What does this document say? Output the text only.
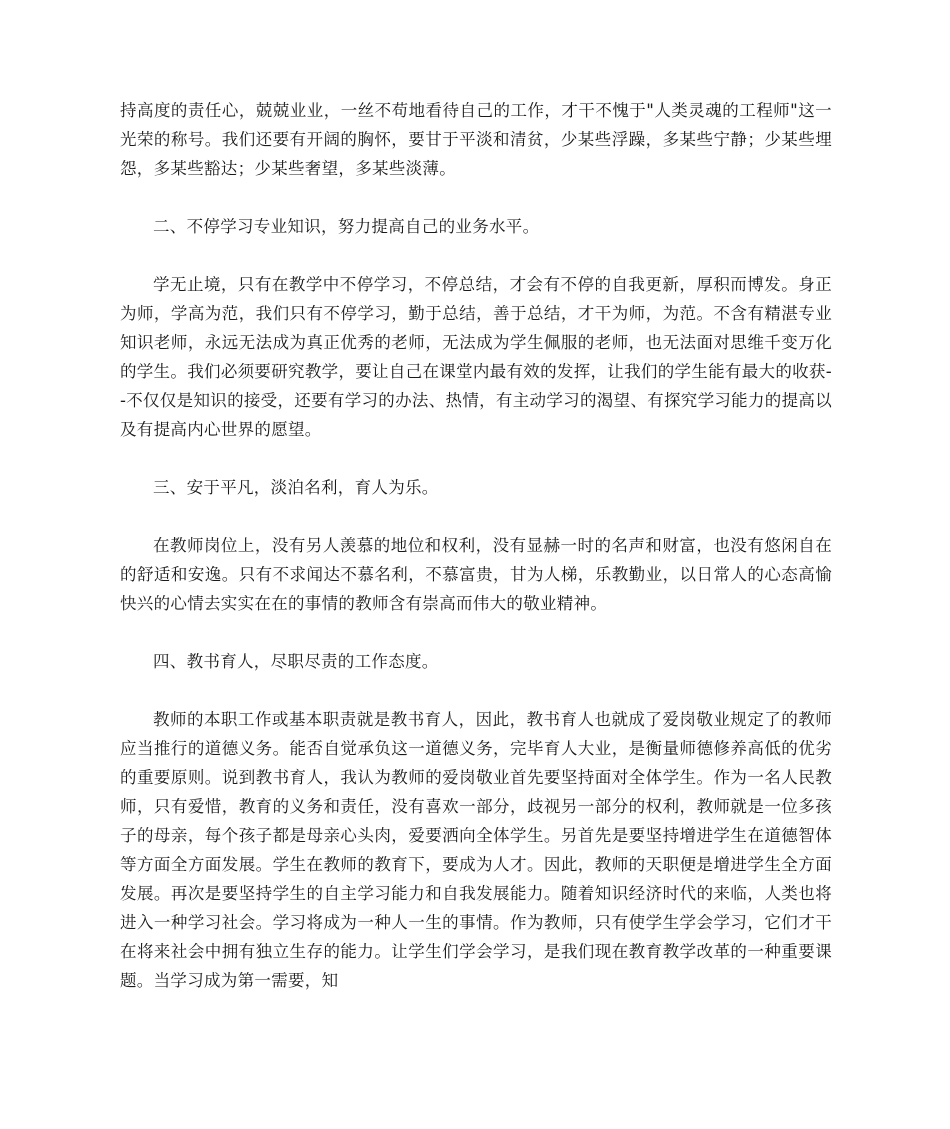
持高度的责任心，兢兢业业，一丝不苟地看待自己的工作，才干不愧于"人类灵魂的工程师"这一光荣的称号。我们还要有开阔的胸怀，要甘于平淡和清贫，少某些浮躁，多某些宁静；少某些埋怨，多某些豁达；少某些奢望，多某些淡薄。

二、不停学习专业知识，努力提高自己的业务水平。

学无止境，只有在教学中不停学习，不停总结，才会有不停的自我更新，厚积而博发。身正为师，学高为范，我们只有不停学习，勤于总结，善于总结，才干为师，为范。不含有精湛专业知识老师，永远无法成为真正优秀的老师，无法成为学生佩服的老师，也无法面对思维千变万化的学生。我们必须要研究教学，要让自己在课堂内最有效的发挥，让我们的学生能有最大的收获--不仅仅是知识的接受，还要有学习的办法、热情，有主动学习的渴望、有探究学习能力的提高以及有提高内心世界的愿望。

三、安于平凡，淡泊名利，育人为乐。

在教师岗位上，没有另人羡慕的地位和权利，没有显赫一时的名声和财富，也没有悠闲自在的舒适和安逸。只有不求闻达不慕名利，不慕富贵，甘为人梯，乐教勤业，以日常人的心态高愉快兴的心情去实实在在的事情的教师含有崇高而伟大的敬业精神。

四、教书育人，尽职尽责的工作态度。

教师的本职工作或基本职责就是教书育人，因此，教书育人也就成了爱岗敬业规定了的教师应当推行的道德义务。能否自觉承负这一道德义务，完毕育人大业，是衡量师德修养高低的优劣的重要原则。说到教书育人，我认为教师的爱岗敬业首先要坚持面对全体学生。作为一名人民教师，只有爱惜，教育的义务和责任，没有喜欢一部分，歧视另一部分的权利，教师就是一位多孩子的母亲，每个孩子都是母亲心头肉，爱要洒向全体学生。另首先是要坚持增进学生在道德智体等方面全方面发展。学生在教师的教育下，要成为人才。因此，教师的天职便是增进学生全方面发展。再次是要坚持学生的自主学习能力和自我发展能力。随着知识经济时代的来临，人类也将进入一种学习社会。学习将成为一种人一生的事情。作为教师，只有使学生学会学习，它们才干在将来社会中拥有独立生存的能力。让学生们学会学习，是我们现在教育教学改革的一种重要课题。当学习成为第一需要，知
